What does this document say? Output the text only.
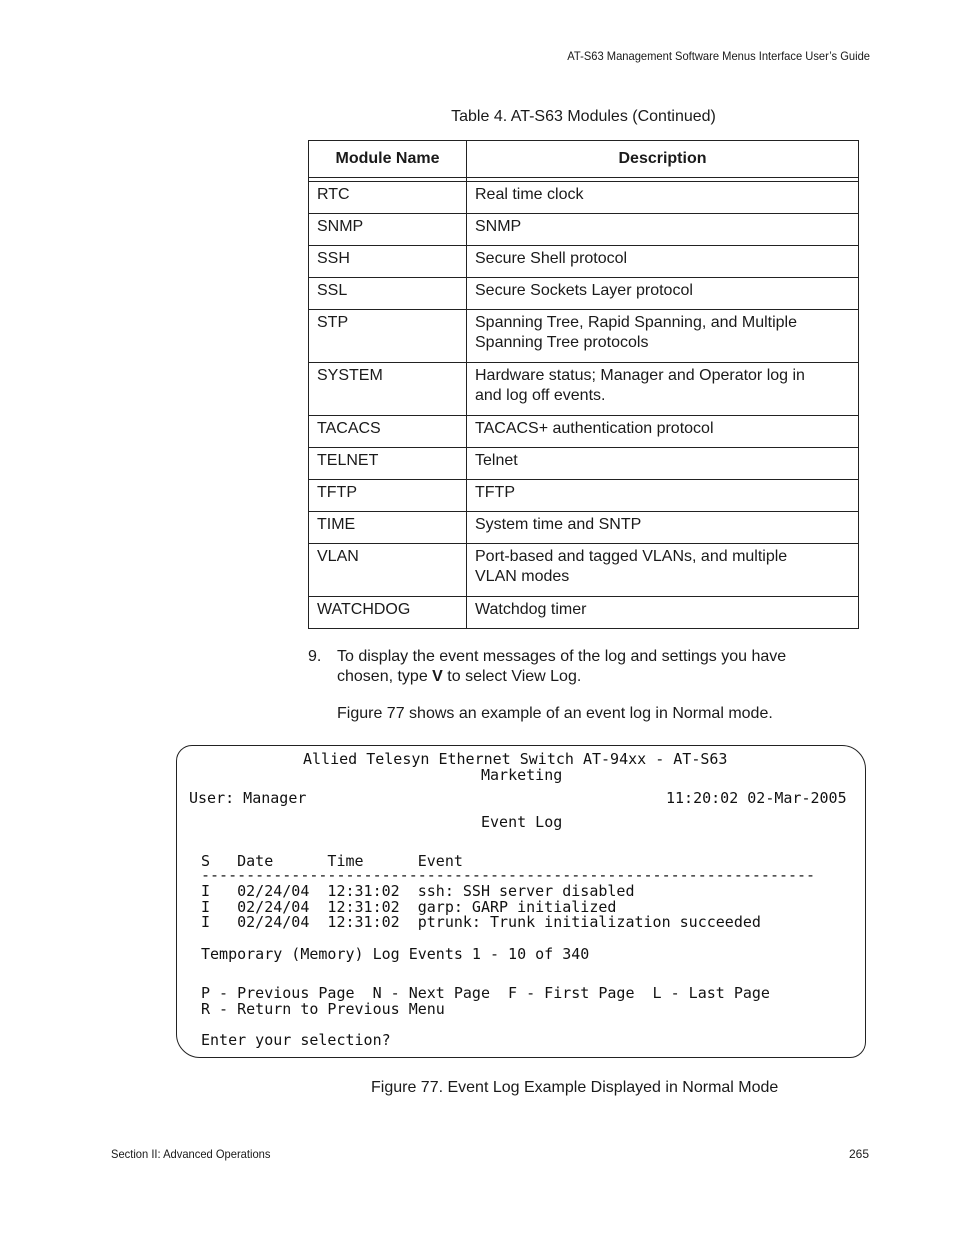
AT-S63 Management Software Menus Interface User’s Guide
Table 4. AT-S63 Modules (Continued)
Module Name	Description

RTC	Real time clock

SNMP	SNMP

SSH	Secure Shell protocol

SSL	Secure Sockets Layer protocol

STP	Spanning Tree, Rapid Spanning, and Multiple
Spanning Tree protocols

SYSTEM	Hardware status; Manager and Operator log in
and log off events.

TACACS	TACACS+ authentication protocol

TELNET	Telnet

TFTP	TFTP

TIME	System time and SNTP

VLAN	Port-based and tagged VLANs, and multiple
VLAN modes

WATCHDOG	Watchdog timer
9. To display the event messages of the log and settings you have
chosen, type V to select View Log.
Figure 77 shows an example of an event log in Normal mode.
Allied Telesyn Ethernet Switch AT-94xx - AT-S63
Marketing
User: Manager	11:20:02 02-Mar-2005
Event Log
S   Date      Time      Event
--------------------------------------------------------------------
I   02/24/04  12:31:02  ssh: SSH server disabled
I   02/24/04  12:31:02  garp: GARP initialized
I   02/24/04  12:31:02  ptrunk: Trunk initialization succeeded
Temporary (Memory) Log Events 1 - 10 of 340
P - Previous Page  N - Next Page  F - First Page  L - Last Page
R - Return to Previous Menu
Enter your selection?
Figure 77. Event Log Example Displayed in Normal Mode
Section II: Advanced Operations	265
